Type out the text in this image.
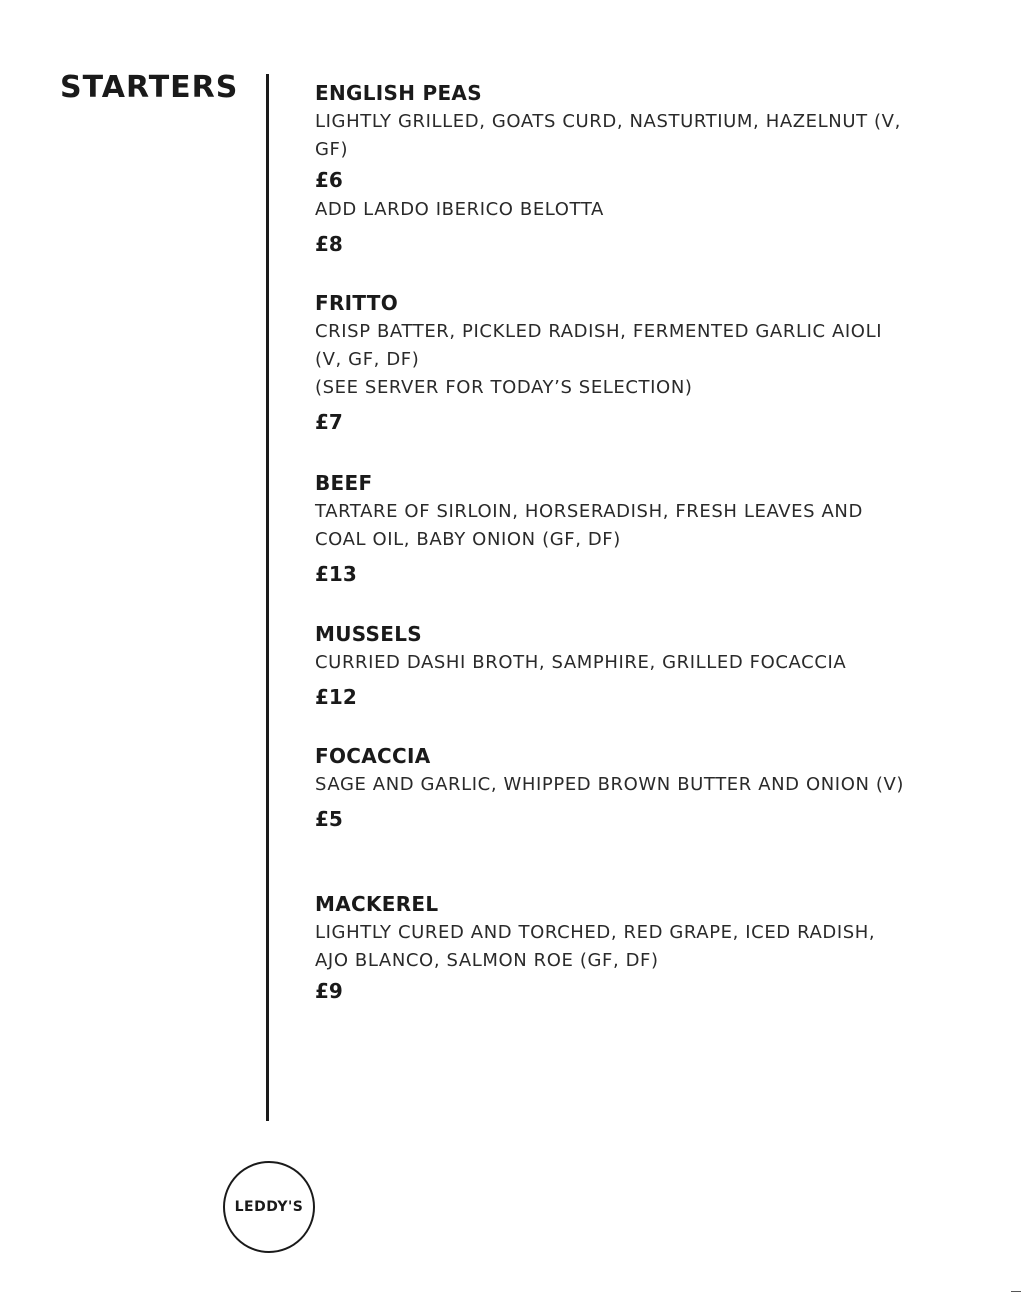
STARTERS	ENGLISH PEAS
LIGHTLY GRILLED, GOATS CURD, NASTURTIUM, HAZELNUT (V, GF)
£6
ADD LARDO IBERICO BELOTTA
£8
FRITTO
CRISP BATTER, PICKLED RADISH, FERMENTED GARLIC AIOLI (V, GF, DF)
(SEE SERVER FOR TODAY’S SELECTION)
£7
BEEF
TARTARE OF SIRLOIN, HORSERADISH, FRESH LEAVES AND COAL OIL, BABY ONION (GF, DF)
£13
MUSSELS
CURRIED DASHI BROTH, SAMPHIRE, GRILLED FOCACCIA
£12
FOCACCIA
SAGE AND GARLIC, WHIPPED BROWN BUTTER AND ONION (V)
£5
MACKEREL
LIGHTLY CURED AND TORCHED, RED GRAPE, ICED RADISH, AJO BLANCO, SALMON ROE (GF, DF)
£9
LEDDY'S
